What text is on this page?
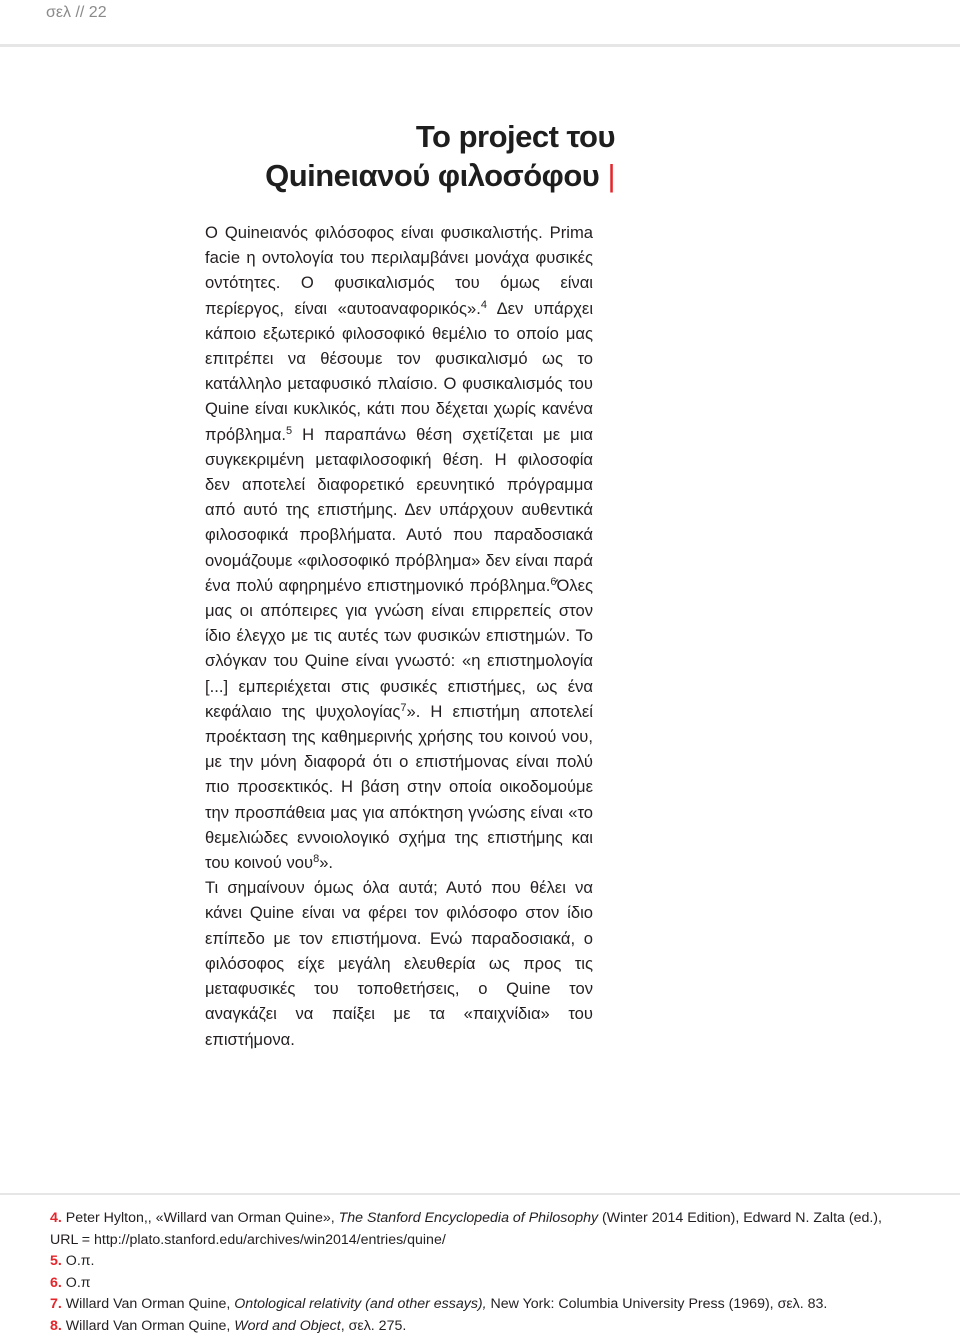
σελ // 22
Το project του
Quineιανού φιλοσόφου |

Ο Quineιανός φιλόσοφος είναι φυσικαλιστής. Prima facie η οντολογία του περιλαμβάνει μονάχα φυσικές οντότητες. Ο φυσικαλισμός του όμως είναι περίεργος, είναι «αυτοαναφορικός».$^4$ Δεν υπάρχει κάποιο εξωτερικό φιλοσοφικό θεμέλιο το οποίο μας επιτρέπει να θέσουμε τον φυσικαλισμό ως το κατάλληλο μεταφυσικό πλαίσιο. Ο φυσικαλισμός του Quine είναι κυκλικός, κάτι που δέχεται χωρίς κανένα πρόβλημα.$^5$ Η παραπάνω θέση σχετίζεται με μια συγκεκριμένη μεταφιλοσοφική θέση. Η φιλοσοφία δεν αποτελεί διαφορετικό ερευνητικό πρόγραμμα από αυτό της επιστήμης. Δεν υπάρχουν αυθεντικά φιλοσοφικά προβλήματα. Αυτό που παραδοσιακά ονομάζουμε «φιλοσοφικό πρόβλημα» δεν είναι παρά ένα πολύ αφηρημένο επιστημονικό πρόβλημα.$^6$Όλες μας οι απόπειρες για γνώση είναι επιρρεπείς στον ίδιο έλεγχο με τις αυτές των φυσικών επιστημών. Το σλόγκαν του Quine είναι γνωστό: «η επιστημολογία [...] εμπεριέχεται στις φυσικές επιστήμες, ως ένα κεφάλαιο της ψυχολογίας$^7$». Η επιστήμη αποτελεί προέκταση της καθημερινής χρήσης του κοινού νου, με την μόνη διαφορά ότι ο επιστήμονας είναι πολύ πιο προσεκτικός. Η βάση στην οποία οικοδομούμε την προσπάθεια μας για απόκτηση γνώσης είναι «το θεμελιώδες εννοιολογικό σχήμα της επιστήμης και του κοινού νου$^8$».

Τι σημαίνουν όμως όλα αυτά; Αυτό που θέλει να κάνει Quine είναι να φέρει τον φιλόσοφο στον ίδιο επίπεδο με τον επιστήμονα. Ενώ παραδοσιακά, ο φιλόσοφος είχε μεγάλη ελευθερία ως προς τις μεταφυσικές του τοποθετήσεις, ο Quine τον αναγκάζει να παίξει με τα «παιχνίδια» του επιστήμονα.

4. Peter Hylton,, «Willard van Orman Quine», The Stanford Encyclopedia of Philosophy (Winter 2014 Edition), Edward N. Zalta (ed.), URL = http://plato.stanford.edu/archives/win2014/entries/quine/

5. Ο.π.

6. Ο.π

7. Willard Van Orman Quine, Ontological relativity (and other essays), New York: Columbia University Press (1969), σελ. 83.

8. Willard Van Orman Quine, Word and Object, σελ. 275.
